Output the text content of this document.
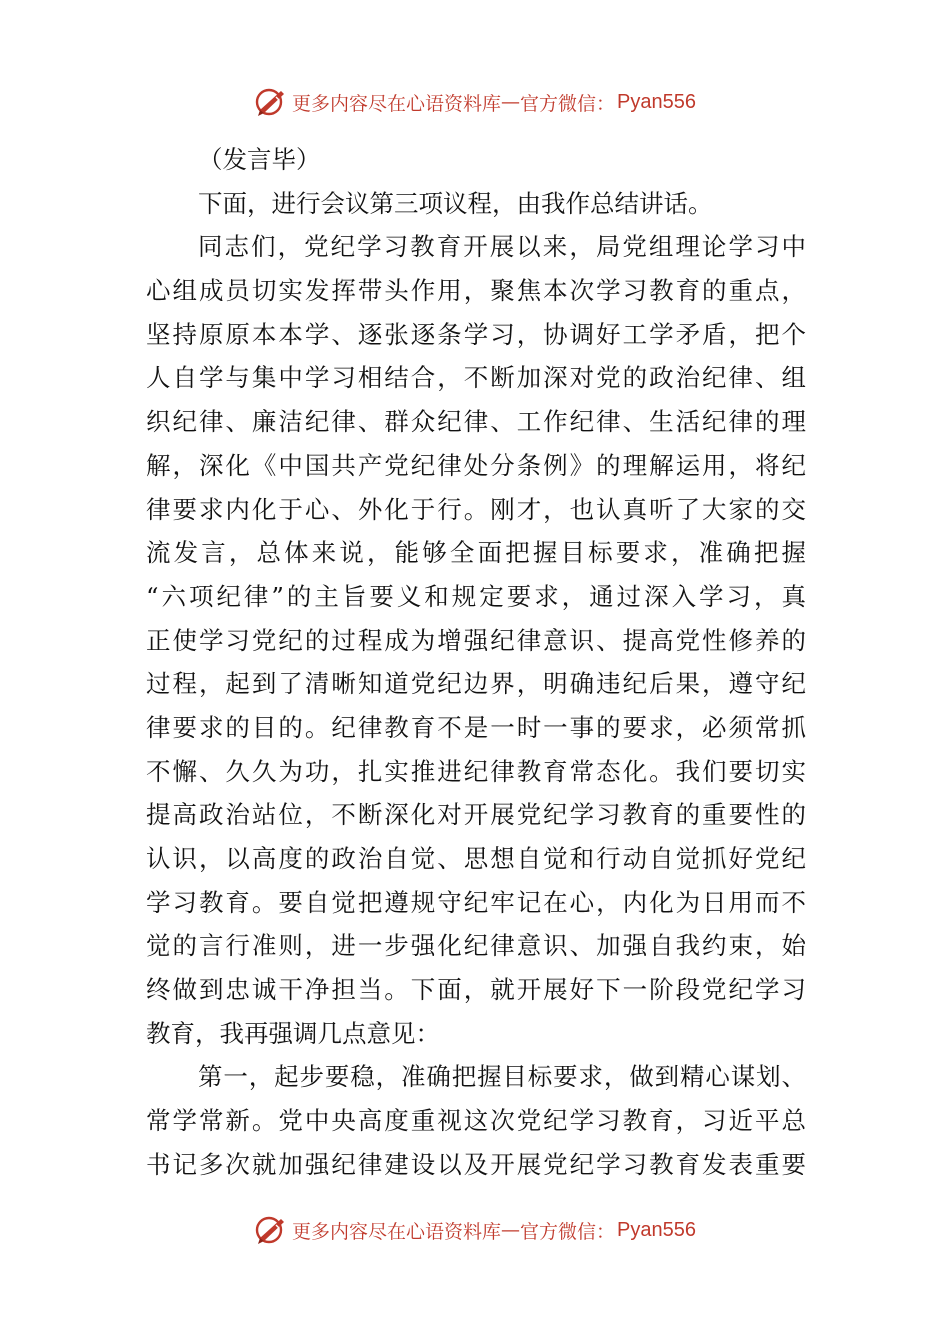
更多内容尽在心语资料库 — 官方微信： Pyan556
（发言毕）
下面，进行会议第三项议程，由我作总结讲话。
同志们，党纪学习教育开展以来，局党组理论学习中
心组成员切实发挥带头作用，聚焦本次学习教育的重点，
坚持原原本本学、逐张逐条学习，协调好工学矛盾，把个
人自学与集中学习相结合，不断加深对党的政治纪律、组
织纪律、廉洁纪律、群众纪律、工作纪律、生活纪律的理
解，深化《中国共产党纪律处分条例》的理解运用，将纪
律要求内化于心、外化于行。刚才，也认真听了大家的交
流发言，总体来说，能够全面把握目标要求，准确把握
“六项纪律”的主旨要义和规定要求，通过深入学习，真
正使学习党纪的过程成为增强纪律意识、提高党性修养的
过程，起到了清晰知道党纪边界，明确违纪后果，遵守纪
律要求的目的。纪律教育不是一时一事的要求，必须常抓
不懈、久久为功，扎实推进纪律教育常态化。我们要切实
提高政治站位，不断深化对开展党纪学习教育的重要性的
认识，以高度的政治自觉、思想自觉和行动自觉抓好党纪
学习教育。要自觉把遵规守纪牢记在心，内化为日用而不
觉的言行准则，进一步强化纪律意识、加强自我约束，始
终做到忠诚干净担当。下面，就开展好下一阶段党纪学习
教育，我再强调几点意见：
第一，起步要稳，准确把握目标要求，做到精心谋划、
常学常新。党中央高度重视这次党纪学习教育，习近平总
书记多次就加强纪律建设以及开展党纪学习教育发表重要
更多内容尽在心语资料库 — 官方微信： Pyan556
